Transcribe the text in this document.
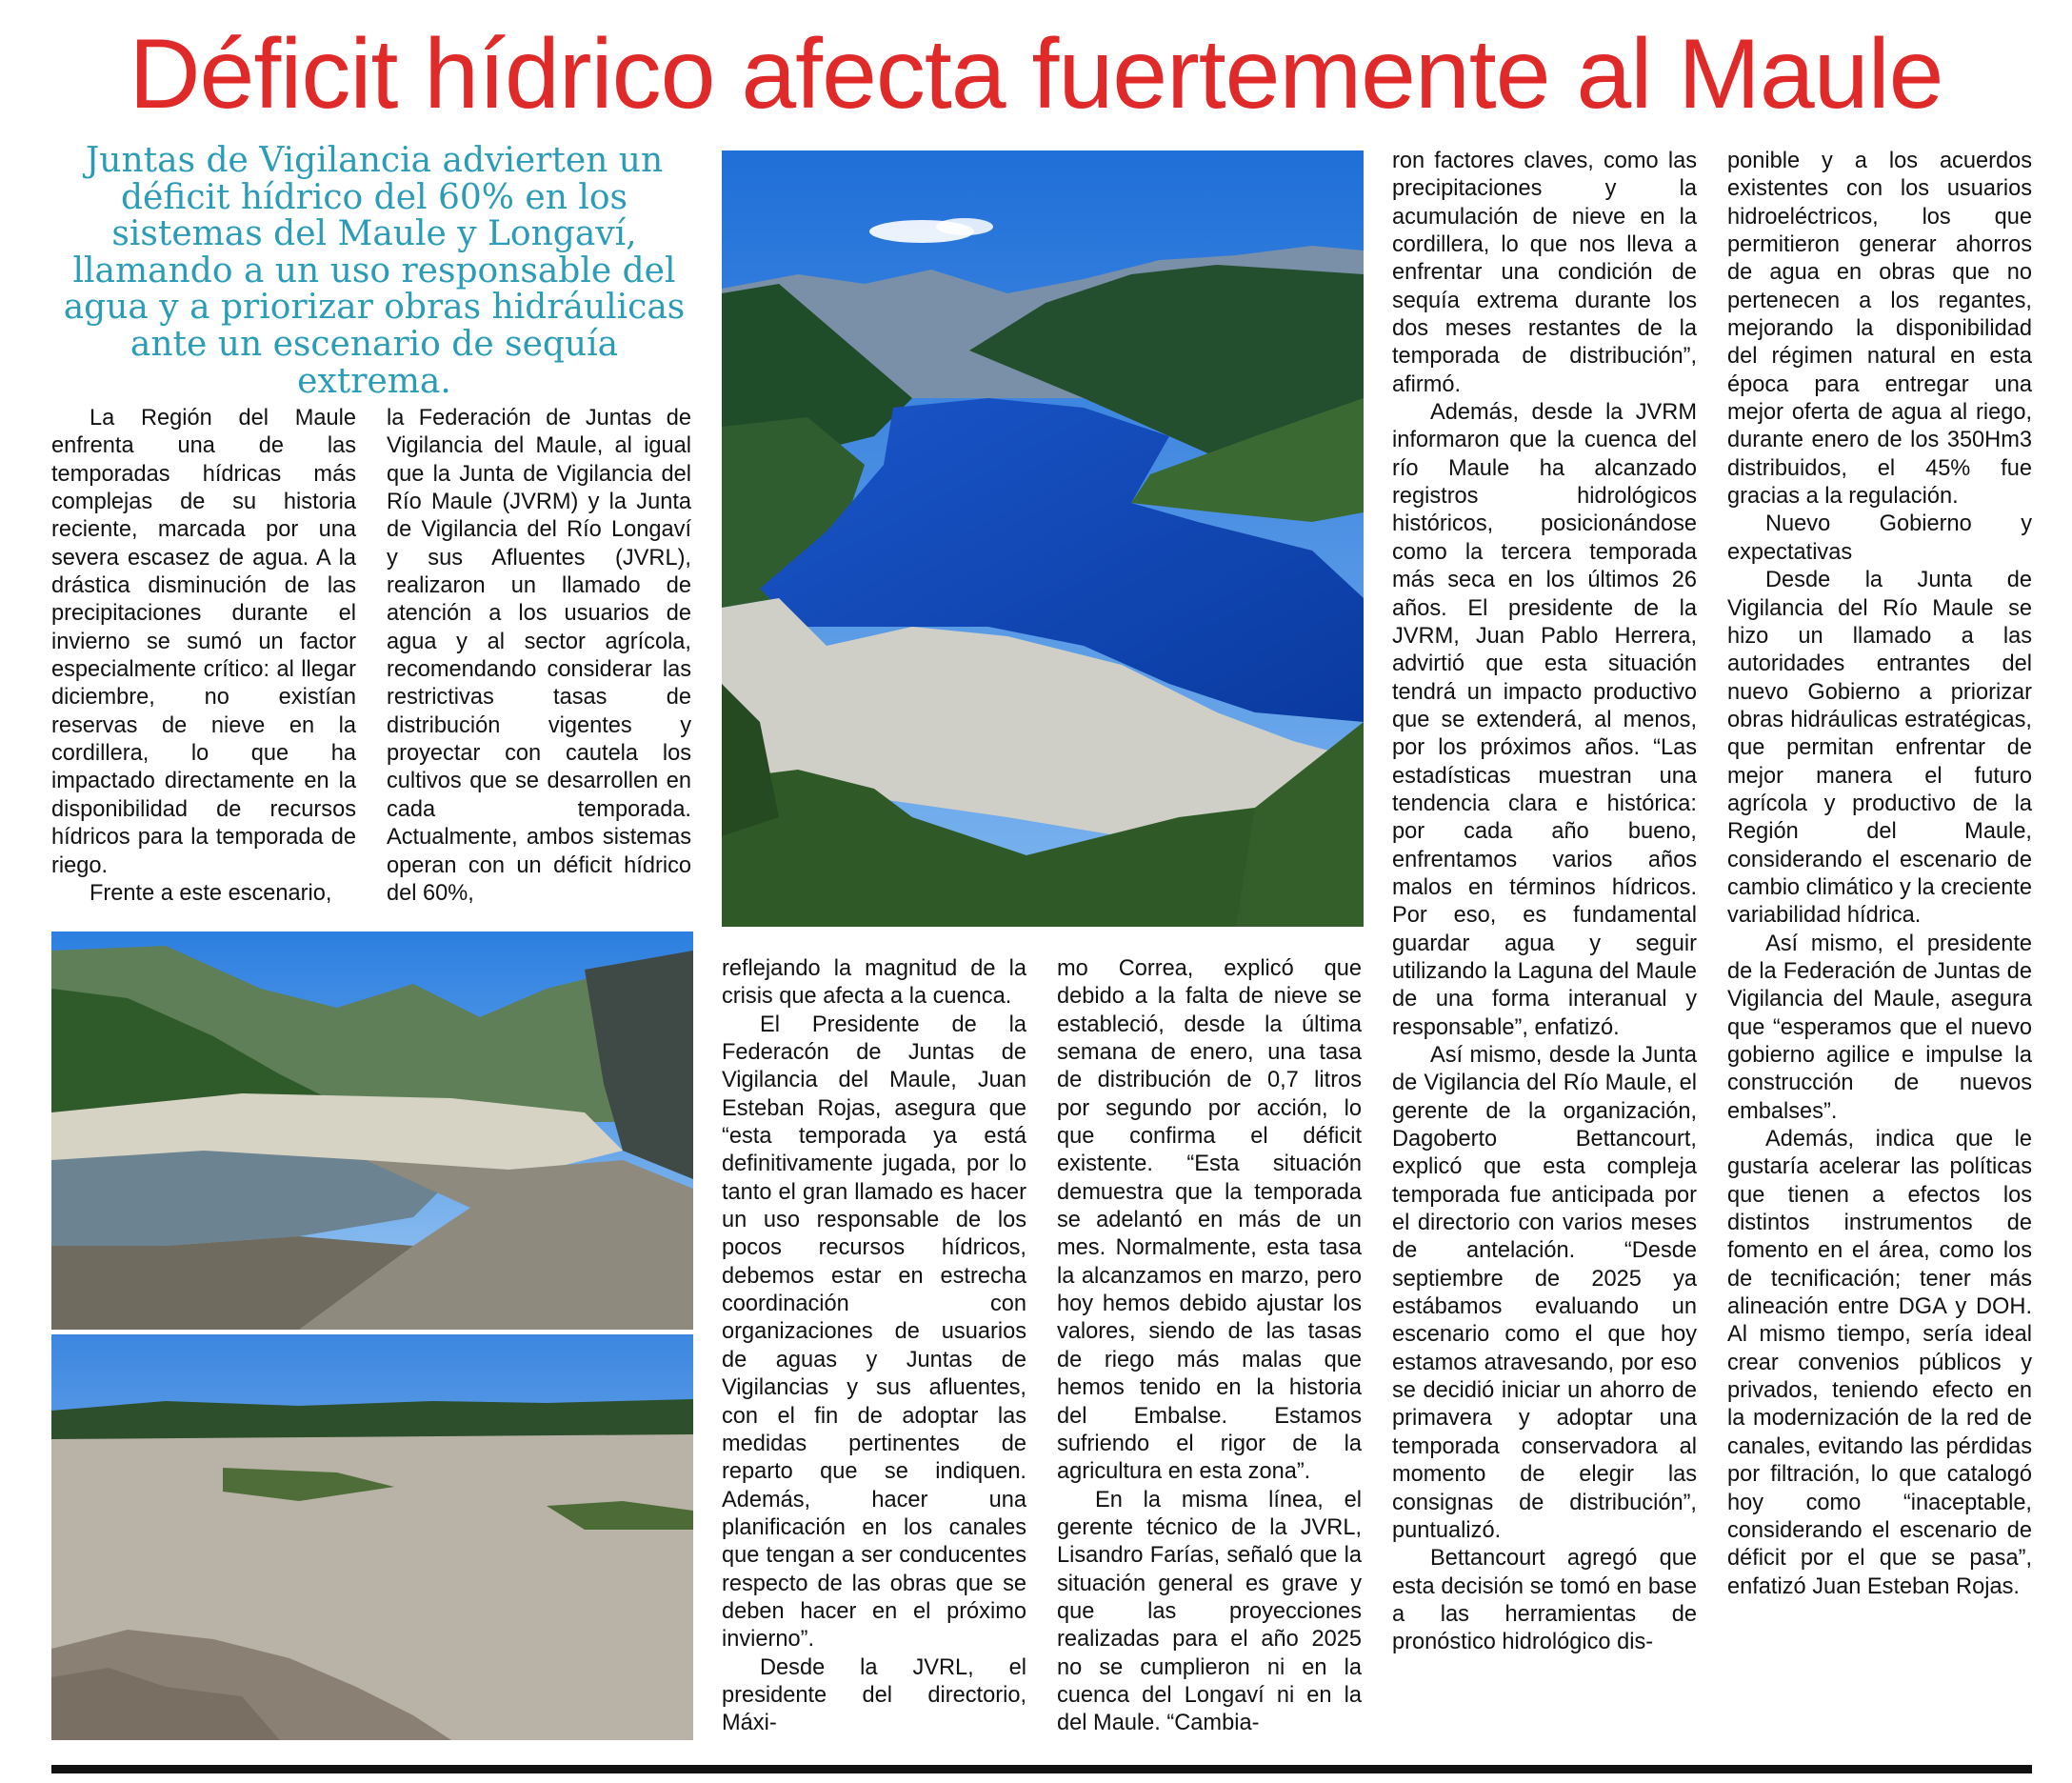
Déficit hídrico afecta fuertemente al Maule
Juntas de Vigilancia advierten un déficit hídrico del 60% en los sistemas del Maule y Longaví, llamando a un uso responsable del agua y a priorizar obras hidráulicas ante un escenario de sequía extrema.

La Región del Maule enfrenta una de las temporadas hídricas más complejas de su historia reciente, marcada por una severa escasez de agua. A la drástica disminución de las precipitaciones durante el invierno se sumó un factor especialmente crítico: al llegar diciembre, no existían reservas de nieve en la cordillera, lo que ha impactado directamente en la disponibilidad de recursos hídricos para la temporada de riego.

Frente a este escenario,

la Federación de Juntas de Vigilancia del Maule, al igual que la Junta de Vigilancia del Río Maule (JVRM) y la Junta de Vigilancia del Río Longaví y sus Afluentes (JVRL), realizaron un llamado de atención a los usuarios de agua y al sector agrícola, recomendando considerar las restrictivas tasas de distribución vigentes y proyectar con cautela los cultivos que se desarrollen en cada temporada. Actualmente, ambos sistemas operan con un déficit hídrico del 60%,

reflejando la magnitud de la crisis que afecta a la cuenca.

El Presidente de la Federacón de Juntas de Vigilancia del Maule, Juan Esteban Rojas, asegura que “esta temporada ya está definitivamente jugada, por lo tanto el gran llamado es hacer un uso responsable de los pocos recursos hídricos, debemos estar en estrecha coordinación con organizaciones de usuarios de aguas y Juntas de Vigilancias y sus afluentes, con el fin de adoptar las medidas pertinentes de reparto que se indiquen. Además, hacer una planificación en los canales que tengan a ser conducentes respecto de las obras que se deben hacer en el próximo invierno”.

Desde la JVRL, el presidente del directorio, Máxi-

mo Correa, explicó que debido a la falta de nieve se estableció, desde la última semana de enero, una tasa de distribución de 0,7 litros por segundo por acción, lo que confirma el déficit existente. “Esta situación demuestra que la temporada se adelantó en más de un mes. Normalmente, esta tasa la alcanzamos en marzo, pero hoy hemos debido ajustar los valores, siendo de las tasas de riego más malas que hemos tenido en la historia del Embalse. Estamos sufriendo el rigor de la agricultura en esta zona”.

En la misma línea, el gerente técnico de la JVRL, Lisandro Farías, señaló que la situación general es grave y que las proyecciones realizadas para el año 2025 no se cumplieron ni en la cuenca del Longaví ni en la del Maule. “Cambia-

ron factores claves, como las precipitaciones y la acumulación de nieve en la cordillera, lo que nos lleva a enfrentar una condición de sequía extrema durante los dos meses restantes de la temporada de distribución”, afirmó.

Además, desde la JVRM informaron que la cuenca del río Maule ha alcanzado registros hidrológicos históricos, posicionándose como la tercera temporada más seca en los últimos 26 años. El presidente de la JVRM, Juan Pablo Herrera, advirtió que esta situación tendrá un impacto productivo que se extenderá, al menos, por los próximos años. “Las estadísticas muestran una tendencia clara e histórica: por cada año bueno, enfrentamos varios años malos en términos hídricos. Por eso, es fundamental guardar agua y seguir utilizando la Laguna del Maule de una forma interanual y responsable”, enfatizó.

Así mismo, desde la Junta de Vigilancia del Río Maule, el gerente de la organización, Dagoberto Bettancourt, explicó que esta compleja temporada fue anticipada por el directorio con varios meses de antelación. “Desde septiembre de 2025 ya estábamos evaluando un escenario como el que hoy estamos atravesando, por eso se decidió iniciar un ahorro de primavera y adoptar una temporada conservadora al momento de elegir las consignas de distribución”, puntualizó.

Bettancourt agregó que esta decisión se tomó en base a las herramientas de pronóstico hidrológico dis-

ponible y a los acuerdos existentes con los usuarios hidroeléctricos, los que permitieron generar ahorros de agua en obras que no pertenecen a los regantes, mejorando la disponibilidad del régimen natural en esta época para entregar una mejor oferta de agua al riego, durante enero de los 350Hm3 distribuidos, el 45% fue gracias a la regulación.

Nuevo Gobierno y expectativas

Desde la Junta de Vigilancia del Río Maule se hizo un llamado a las autoridades entrantes del nuevo Gobierno a priorizar obras hidráulicas estratégicas, que permitan enfrentar de mejor manera el futuro agrícola y productivo de la Región del Maule, considerando el escenario de cambio climático y la creciente variabilidad hídrica.

Así mismo, el presidente de la Federación de Juntas de Vigilancia del Maule, asegura que “esperamos que el nuevo gobierno agilice e impulse la construcción de nuevos embalses”.

Además, indica que le gustaría acelerar las políticas que tienen a efectos los distintos instrumentos de fomento en el área, como los de tecnificación; tener más alineación entre DGA y DOH. Al mismo tiempo, sería ideal crear convenios públicos y privados, teniendo efecto en la modernización de la red de canales, evitando las pérdidas por filtración, lo que catalogó hoy como “inaceptable, considerando el escenario de déficit por el que se pasa”, enfatizó Juan Esteban Rojas.
